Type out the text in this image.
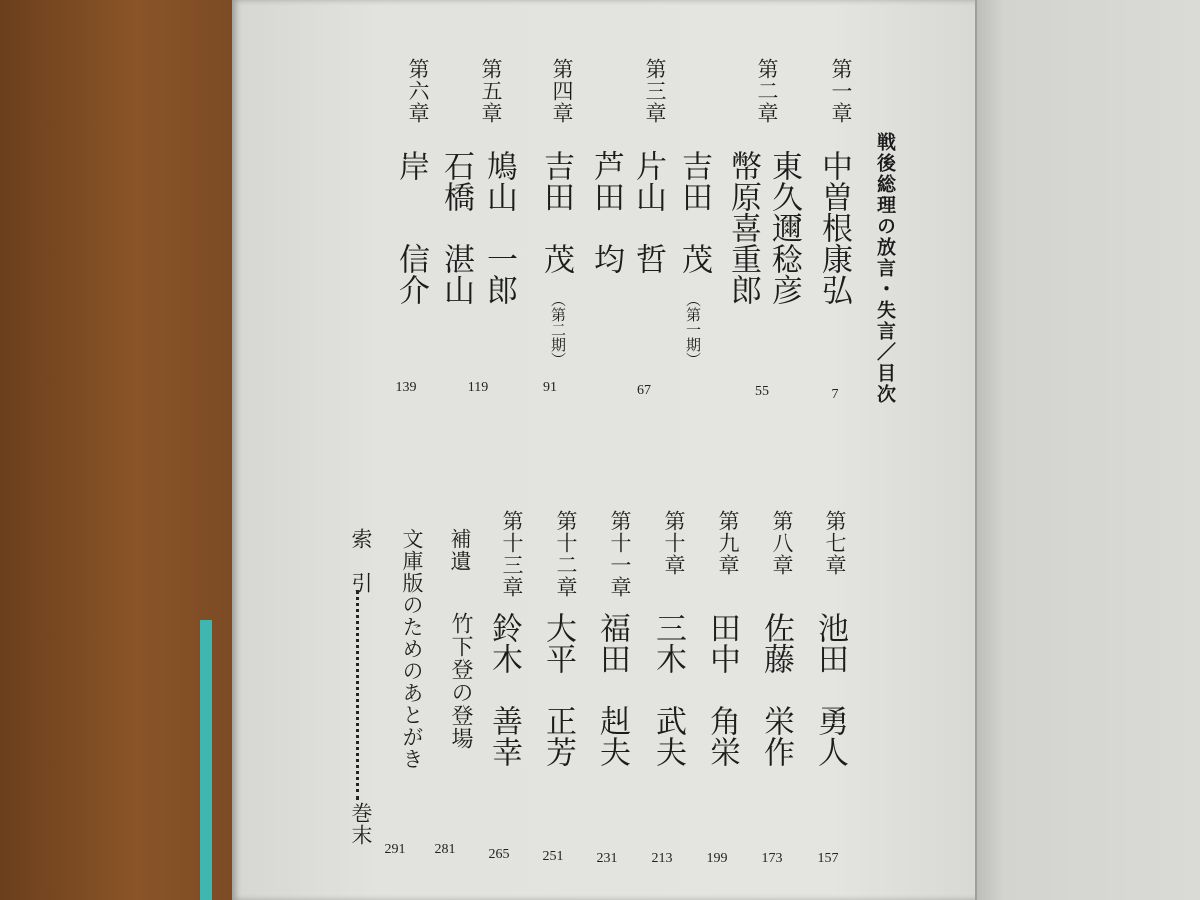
戦後総理の放言・失言／目次
第一章
中曽根康弘
7
第二章
東久邇稔彦
幣原喜重郎
55
第三章
吉田　茂
（第一期）
片山　哲
芦田　均
67
第四章
吉田　茂
（第二期）
91
第五章
鳩山　一郎
石橋　湛山
119
第六章
岸　　信介
139
第七章
池田　勇人
157
第八章
佐藤　栄作
173
第九章
田中　角栄
199
第十章
三木　武夫
213
第十一章
福田　赳夫
231
第十二章
大平　正芳
251
第十三章
鈴木　善幸
265
補遺
竹下登の登場
281
文庫版のためのあとがき
291
索　引
巻末
